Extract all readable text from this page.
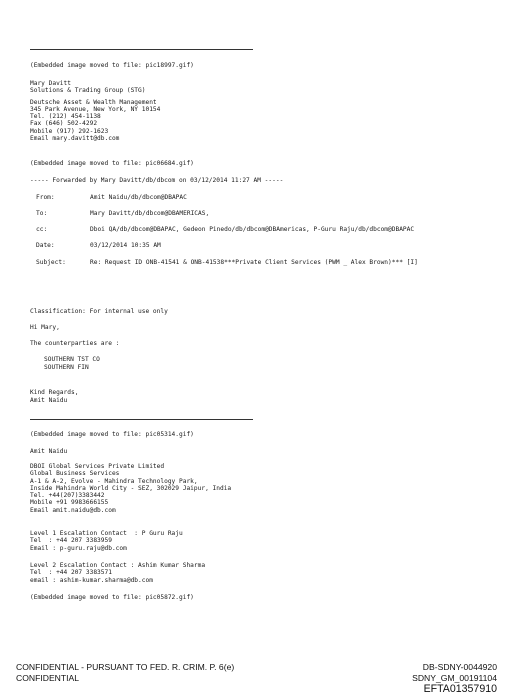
(Embedded image moved to file: pic18997.gif)
Mary Davitt
Solutions & Trading Group (STG)
Deutsche Asset & Wealth Management
345 Park Avenue, New York, NY 10154
Tel. (212) 454-1138
Fax (646) 502-4292
Mobile (917) 292-1623
Email mary.davitt@db.com
(Embedded image moved to file: pic06684.gif)
----- Forwarded by Mary Davitt/db/dbcom on 03/12/2014 11:27 AM -----
From:	Amit Naidu/db/dbcom@DBAPAC
To:	Mary Davitt/db/dbcom@DBAMERICAS,
cc:	Dboi QA/db/dbcom@DBAPAC, Gedeon Pinedo/db/dbcom@DBAmericas, P-Guru Raju/db/dbcom@DBAPAC
Date:	03/12/2014 10:35 AM
Subject:	Re: Request ID ONB-41541 & ONB-41538***Private Client Services (PWM _ Alex Brown)*** [I]
Classification: For internal use only
Hi Mary,
The counterparties are :
SOUTHERN TST CO
SOUTHERN FIN
Kind Regards,
Amit Naidu
(Embedded image moved to file: pic05314.gif)
Amit Naidu
DBOI Global Services Private Limited
Global Business Services
A-1 & A-2, Evolve - Mahindra Technology Park,
Inside Mahindra World City - SEZ, 302029 Jaipur, India
Tel. +44(207)3383442
Mobile +91 9983666155
Email amit.naidu@db.com
Level 1 Escalation Contact  : P Guru Raju
Tel  : +44 207 3383959
Email : p-guru.raju@db.com
Level 2 Escalation Contact : Ashim Kumar Sharma
Tel  : +44 207 3383571
email : ashim-kumar.sharma@db.com
(Embedded image moved to file: pic05872.gif)
CONFIDENTIAL - PURSUANT TO FED. R. CRIM. P. 6(e)
CONFIDENTIAL
DB-SDNY-0044920
SDNY_GM_00191104
EFTA01357910
